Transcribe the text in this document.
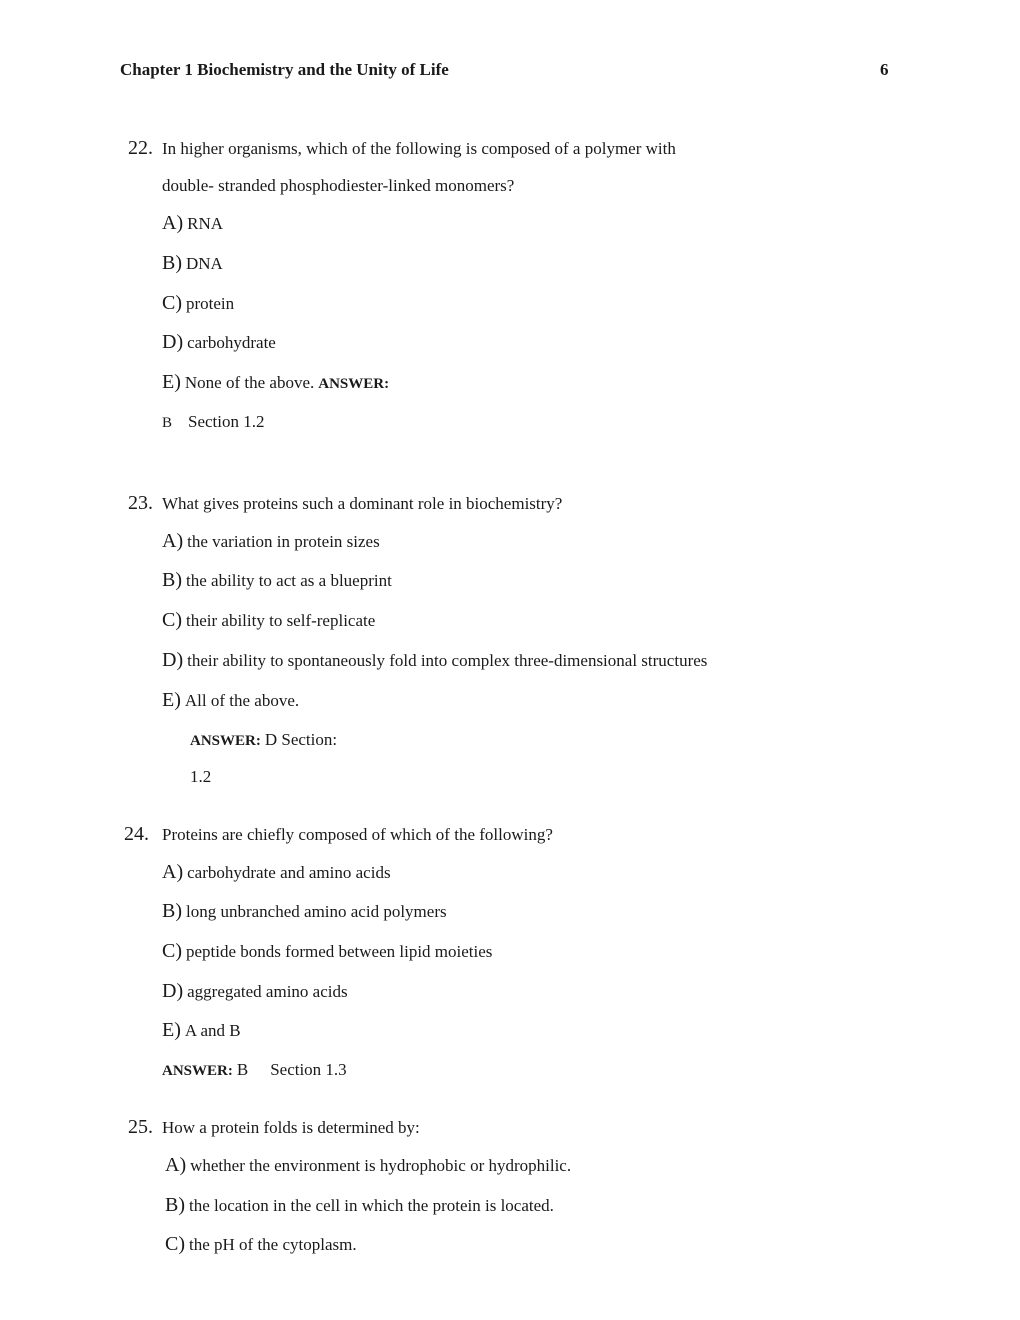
Chapter 1 Biochemistry and the Unity of Life	6
22. In higher organisms, which of the following is composed of a polymer with
double- stranded phosphodiester-linked monomers?
A) RNA
B) DNA
C) protein
D) carbohydrate
E) None of the above. ANSWER:
B Section 1.2
23. What gives proteins such a dominant role in biochemistry?
A) the variation in protein sizes
B) the ability to act as a blueprint
C) their ability to self-replicate
D) their ability to spontaneously fold into complex three-dimensional structures
E) All of the above.
ANSWER: D Section:
1.2
24. Proteins are chiefly composed of which of the following?
A) carbohydrate and amino acids
B) long unbranched amino acid polymers
C) peptide bonds formed between lipid moieties
D) aggregated amino acids
E) A and B
ANSWER: B Section 1.3
25. How a protein folds is determined by:
A) whether the environment is hydrophobic or hydrophilic.
B) the location in the cell in which the protein is located.
C) the pH of the cytoplasm.
